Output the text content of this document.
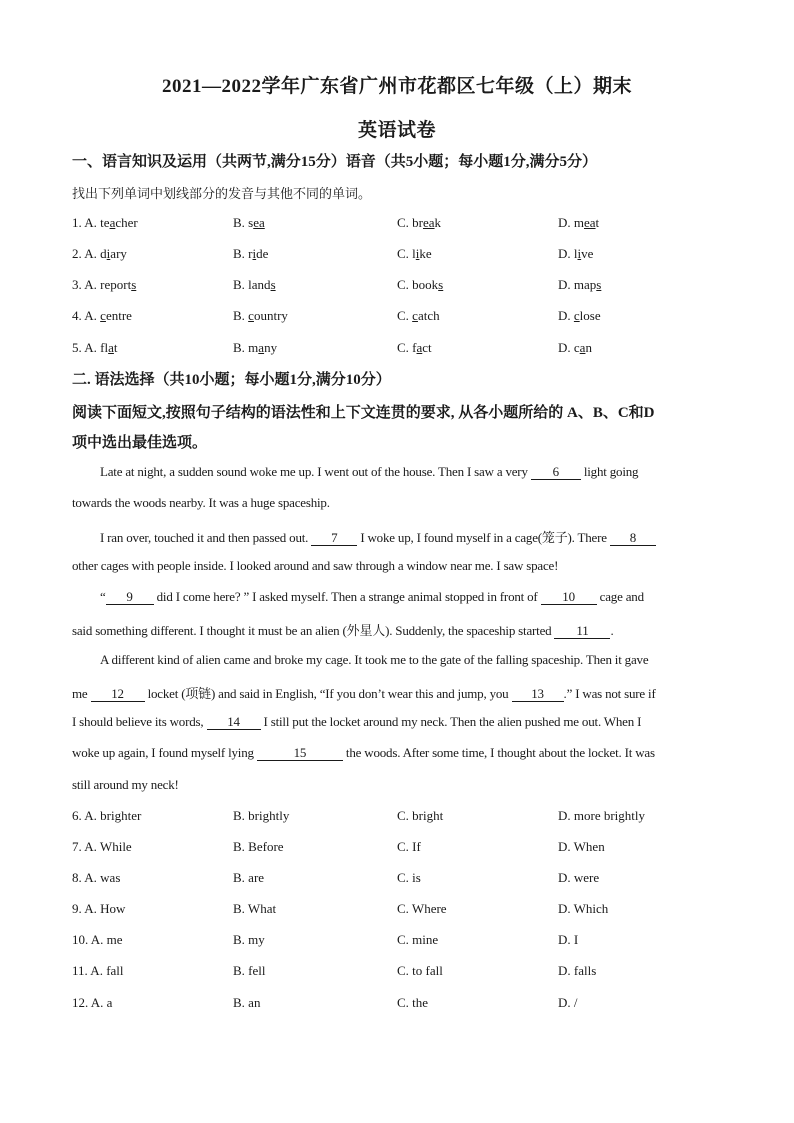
2021—2022学年广东省广州市花都区七年级（上）期末
英语试卷
一、语言知识及运用（共两节,满分15分）语音（共5小题；每小题1分,满分5分）
找出下列单词中划线部分的发音与其他不同的单词。
1. A. teacher	B. sea	C. break	D. meat
2. A. diary	B. ride	C. like	D. live
3. A. reports	B. lands	C. books	D. maps
4. A. centre	B. country	C. catch	D. close
5. A. flat	B. many	C. fact	D. can
二. 语法选择（共10小题；每小题1分,满分10分）
阅读下面短文,按照句子结构的语法性和上下文连贯的要求, 从各小题所给的 A、B、C和D
项中选出最佳选项。
Late at night, a sudden sound woke me up. I went out of the house. Then I saw a very 6 light going
towards the woods nearby. It was a huge spaceship.
I ran over, touched it and then passed out. 7 I woke up, I found myself in a cage(笼子). There 8
other cages with people inside. I looked around and saw through a window near me. I saw space!
“ 9 did I come here? ” I asked myself. Then a strange animal stopped in front of 10 cage and
said something different. I thought it must be an alien (外星人). Suddenly, the spaceship started 11 .
A different kind of alien came and broke my cage. It took me to the gate of the falling spaceship. Then it gave
me 12 locket (项链) and said in English, “If you don’t wear this and jump, you 13 .” I was not sure if
I should believe its words, 14 I still put the locket around my neck. Then the alien pushed me out. When I
woke up again, I found myself lying	15	the woods. After some time, I thought about the locket. It was
still around my neck!
6. A. brighter	B. brightly	C. bright	D. more brightly
7. A. While	B. Before	C. If	D. When
8. A. was	B. are	C. is	D. were
9. A. How	B. What	C. Where	D. Which
10. A. me	B. my	C. mine	D. I
11. A. fall	B. fell	C. to fall	D. falls
12. A. a	B. an	C. the	D. /
